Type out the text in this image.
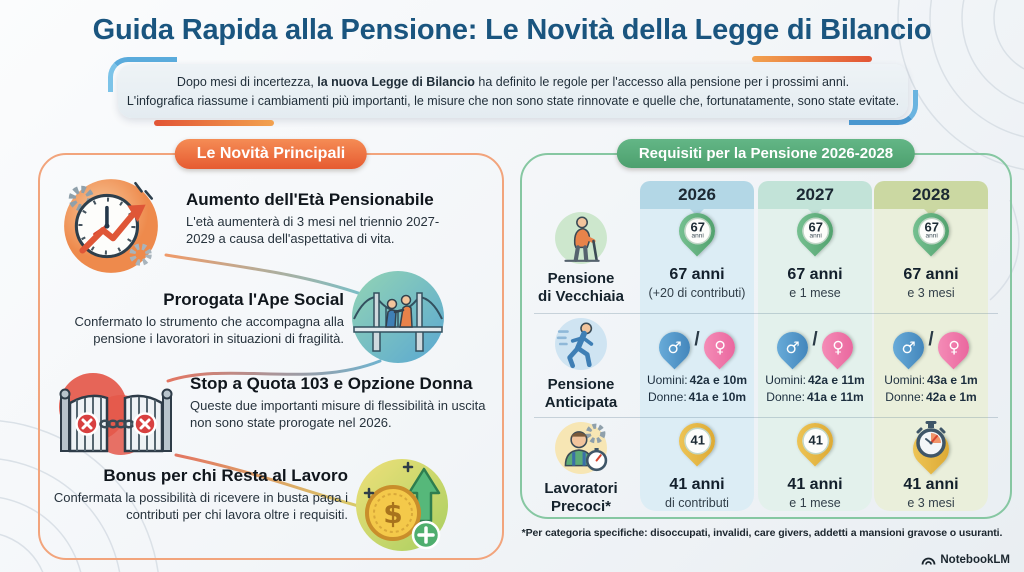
Guida Rapida alla Pensione: Le Novità della Legge di Bilancio

Dopo mesi di incertezza, la nuova Legge di Bilancio ha definito le regole per l'accesso alla pensione per i prossimi anni.

L'infografica riassume i cambiamenti più importanti, le misure che non sono state rinnovate e quelle che, fortunatamente, sono state evitate.

Le Novità Principali
Aumento dell'Età Pensionabile

L'età aumenterà di 3 mesi nel triennio 2027-2029 a causa dell'aspettativa di vita.

Prorogata l'Ape Social

Confermato lo strumento che accompagna alla pensione i lavoratori in situazioni di fragilità.

Stop a Quota 103 e Opzione Donna

Queste due importanti misure di flessibilità in uscita non sono state prorogate nel 2026.

Bonus per chi Resta al Lavoro

Confermata la possibilità di ricevere in busta paga i contributi per chi lavora oltre i requisiti. $
Requisiti per la Pensione 2026-2028
2026	2027	2028
Pensione
di Vecchiaia
Pensione
Anticipata
Lavoratori
Precoci*
67
anni
67 anni
(+20 di contributi)
67
anni
67 anni
e 1 mese
67
anni
67 anni
e 3 mesi
♂ / ♀
Uomini: 42a e 10m
Donne: 41a e 10m
♂ / ♀
Uomini: 42a e 11m
Donne: 41a e 11m
♂ / ♀
Uomini: 43a e 1m
Donne: 42a e 1m
41
41 anni
di contributi
41
41 anni
e 1 mese
41 anni
e 3 mesi
*Per categoria specifiche: disoccupati, invalidi, care givers, addetti a mansioni gravose o usuranti.
NotebookLM
